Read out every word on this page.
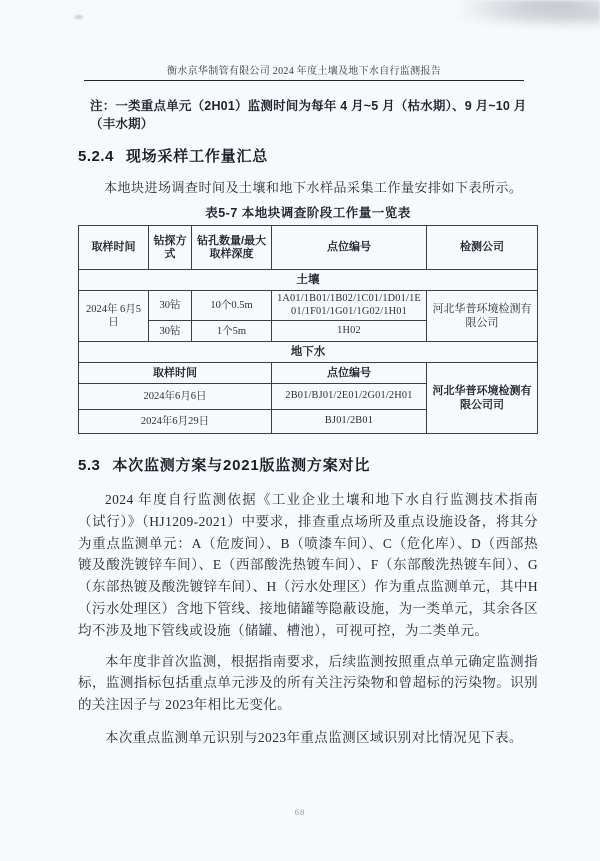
衡水京华制管有限公司 2024 年度土壤及地下水自行监测报告
注：一类重点单元（2H01）监测时间为每年 4 月~5 月（枯水期）、9 月~10 月（丰水期）
5.2.4 现场采样工作量汇总
本地块进场调查时间及土壤和地下水样品采集工作量安排如下表所示。
表5-7 本地块调查阶段工作量一览表
取样时间	钻探方式	钻孔数量/最大取样深度	点位编号	检测公司
土壤				
2024年 6月5日	30钻	10个0.5m	1A01/1B01/1B02/1C01/1D01/1E01/1F01/1G01/1G02/1H01	河北华普环境检测有限公司
	30钻	1个5m	1H02	
地下水				
取样时间			点位编号	河北华普环境检测有限公司司
2024年6月6日			2B01/BJ01/2E01/2G01/2H01	
2024年6月29日			BJ01/2B01	
5.3 本次监测方案与2021版监测方案对比
2024 年度自行监测依据《工业企业土壤和地下水自行监测技术指南（试行）》（HJ1209-2021）中要求，排查重点场所及重点设施设备，将其分为重点监测单元：A（危废间）、B（喷漆车间）、C（危化库）、D（西部热镀及酸洗镀锌车间）、E（西部酸洗热镀车间）、F（东部酸洗热镀车间）、G（东部热镀及酸洗镀锌车间）、H（污水处理区）作为重点监测单元，其中H（污水处理区）含地下管线、接地储罐等隐蔽设施，为一类单元，其余各区均不涉及地下管线或设施（储罐、槽池），可视可控，为二类单元。
本年度非首次监测，根据指南要求，后续监测按照重点单元确定监测指标，监测指标包括重点单元涉及的所有关注污染物和曾超标的污染物。识别的关注因子与 2023年相比无变化。
本次重点监测单元识别与2023年重点监测区域识别对比情况见下表。
68
